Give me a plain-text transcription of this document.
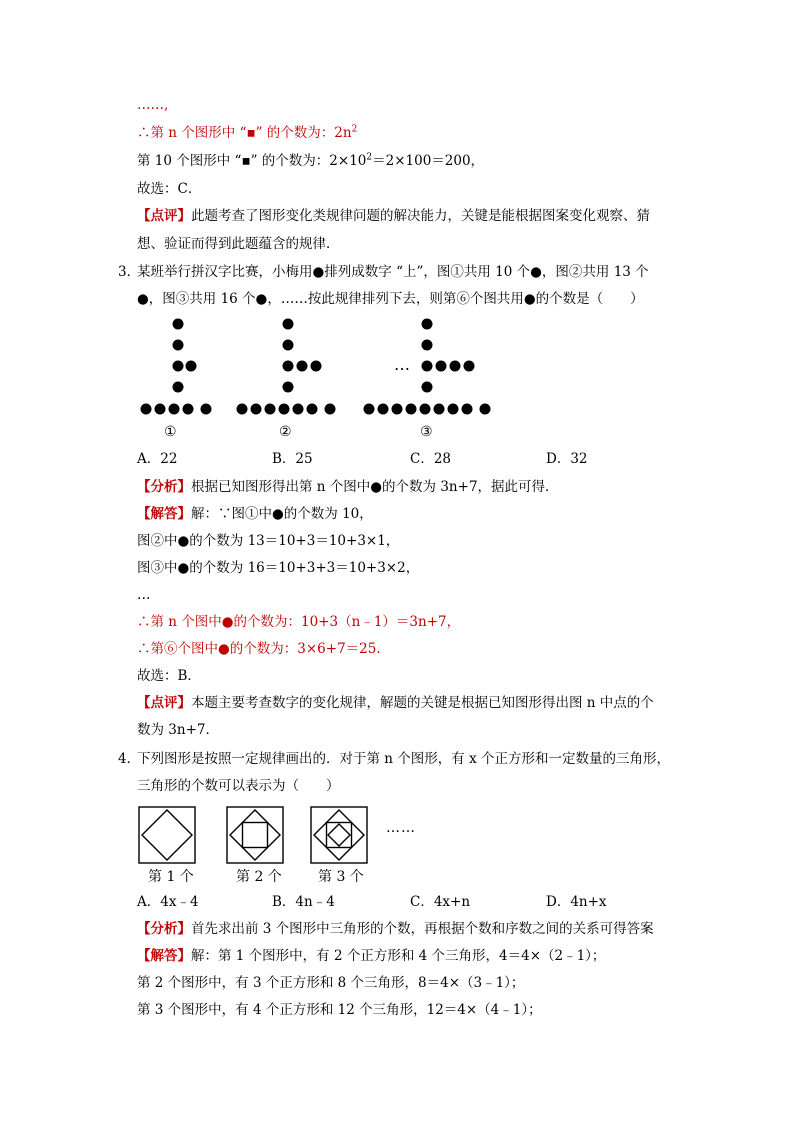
……,
∴第 n 个图形中 “▪” 的个数为：$2n^2$
第 10 个图形中 “▪” 的个数为：$2\times 10^2=2\times 100=200$，
故选：C．
【点评】此题考查了图形变化类规律问题的解决能力，关键是能根据图案变化观察、猜
想、验证而得到此题蕴含的规律．
3．
某班举行拼汉字比赛，小梅用●排列成数字 “上”，图①共用 10 个●，图②共用 13 个
●，图③共用 16 个●，……按此规律排列下去，则第⑥个图共用●的个数是（　　）
…
①	②	③
A．22	B．25	C．28	D．32
【分析】根据已知图形得出第 n 个图中●的个数为 3n+7，据此可得．
【解答】解：∵图①中●的个数为 10，
图②中●的个数为 13＝10+3＝10+3×1，
图③中●的个数为 16＝10+3+3＝10+3×2，
…
∴第 n 个图中●的个数为：10+3（n﹣1）＝3n+7，
∴第⑥个图中●的个数为：3×6+7＝25．
故选：B．
【点评】本题主要考查数字的变化规律，解题的关键是根据已知图形得出图 n 中点的个
数为 3n+7．
4．
下列图形是按照一定规律画出的．对于第 n 个图形，有 x 个正方形和一定数量的三角形，
三角形的个数可以表示为（　　）
……
第 1 个	第 2 个	第 3 个
A．4x﹣4	B．4n﹣4	C．4x+n	D．4n+x
【分析】首先求出前 3 个图形中三角形的个数，再根据个数和序数之间的关系可得答案
【解答】解：第 1 个图形中，有 2 个正方形和 4 个三角形，4＝4×（2﹣1）；
第 2 个图形中，有 3 个正方形和 8 个三角形，8＝4×（3﹣1）；
第 3 个图形中，有 4 个正方形和 12 个三角形，12＝4×（4﹣1）；
